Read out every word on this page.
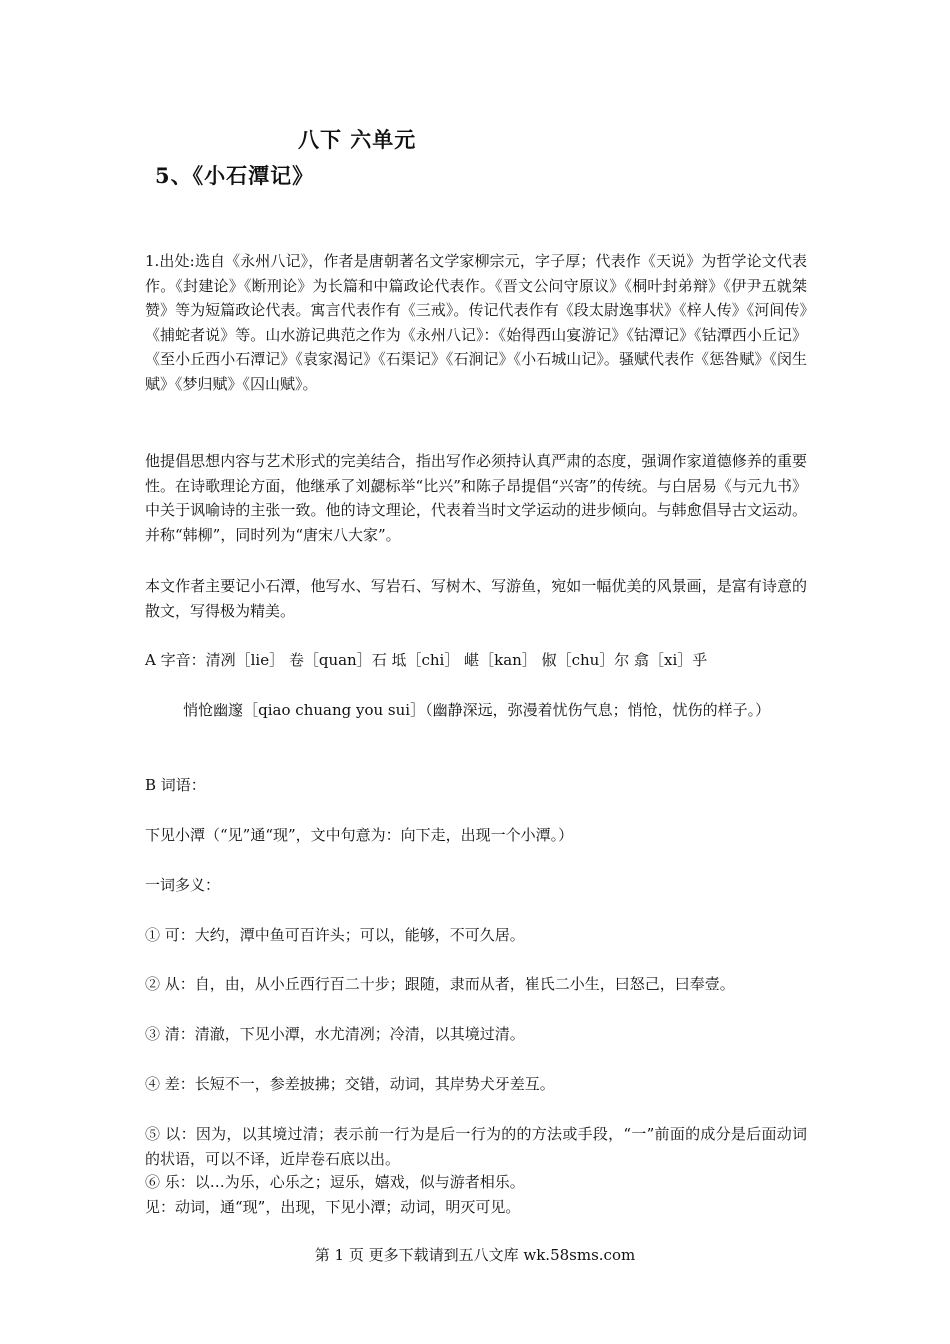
八下 六单元
5、《小石潭记》

1.出处:选自《永州八记》，作者是唐朝著名文学家柳宗元，字子厚；代表作《天说》为哲学论文代表作。《封建论》《断刑论》为长篇和中篇政论代表作。《晋文公问守原议》《桐叶封弟辩》《伊尹五就桀赞》等为短篇政论代表。寓言代表作有《三戒》。传记代表作有《段太尉逸事状》《梓人传》《河间传》《捕蛇者说》等。山水游记典范之作为《永州八记》：《始得西山宴游记》《钴潭记》《钴潭西小丘记》《至小丘西小石潭记》《袁家渴记》《石渠记》《石涧记》《小石城山记》。骚赋代表作《惩咎赋》《闵生赋》《梦归赋》《囚山赋》。

他提倡思想内容与艺术形式的完美结合，指出写作必须持认真严肃的态度，强调作家道德修养的重要性。在诗歌理论方面，他继承了刘勰标举“比兴”和陈子昂提倡“兴寄”的传统。与白居易《与元九书》中关于讽喻诗的主张一致。他的诗文理论，代表着当时文学运动的进步倾向。与韩愈倡导古文运动。并称“韩柳”，同时列为“唐宋八大家”。

本文作者主要记小石潭，他写水、写岩石、写树木、写游鱼，宛如一幅优美的风景画，是富有诗意的散文，写得极为精美。

A 字音：清冽［lie］ 卷［quan］石 坻［chi］ 嵁［kan］ 俶［chu］尔 翕［xi］乎

悄怆幽邃［qiao chuang you sui］（幽静深远，弥漫着忧伤气息；悄怆，忧伤的样子。）

B 词语：

下见小潭（“见”通“现”，文中句意为：向下走，出现一个小潭。）

一词多义：

① 可：大约，潭中鱼可百许头；可以，能够，不可久居。

② 从：自，由，从小丘西行百二十步；跟随，隶而从者，崔氏二小生，曰怒己，曰奉壹。

③ 清：清澈，下见小潭，水尤清冽；冷清，以其境过清。

④ 差：长短不一，参差披拂；交错，动词，其岸势犬牙差互。

⑤ 以：因为，以其境过清；表示前一行为是后一行为的的方法或手段，“一”前面的成分是后面动词的状语，可以不译，近岸卷石底以出。

⑥ 乐：以…为乐，心乐之；逗乐，嬉戏，似与游者相乐。

见：动词，通“现”，出现，下见小潭；动词，明灭可见。

第 1 页 更多下载请到五八文库 wk.58sms.com
